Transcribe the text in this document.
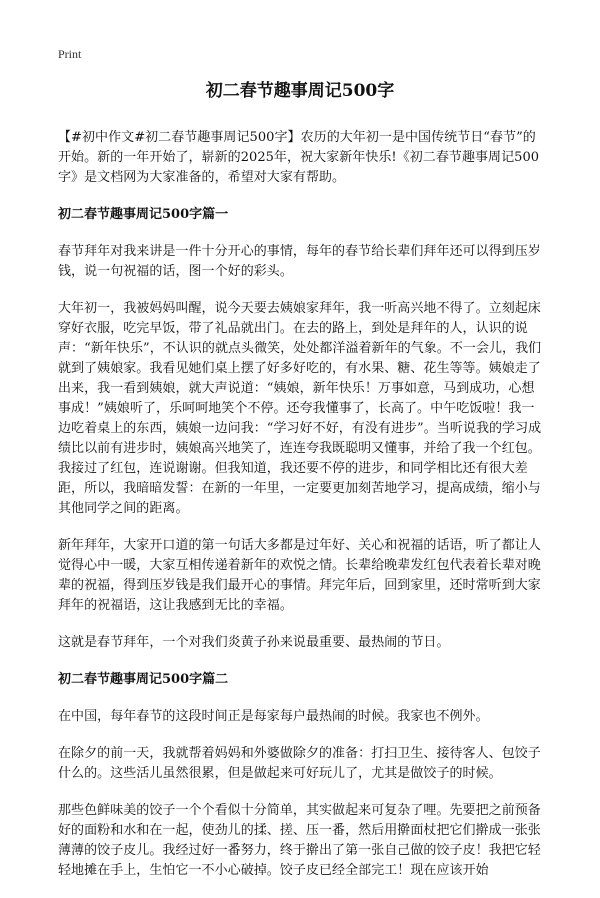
Print
初二春节趣事周记500字

【#初中作文#初二春节趣事周记500字】农历的大年初一是中国传统节日“春节”的开始。新的一年开始了，崭新的2025年，祝大家新年快乐!《初二春节趣事周记500字》是文档网为大家准备的，希望对大家有帮助。

初二春节趣事周记500字篇一

春节拜年对我来讲是一件十分开心的事情，每年的春节给长辈们拜年还可以得到压岁钱，说一句祝福的话，图一个好的彩头。

大年初一，我被妈妈叫醒，说今天要去姨娘家拜年，我一听高兴地不得了。立刻起床穿好衣服，吃完早饭，带了礼品就出门。在去的路上，到处是拜年的人，认识的说声：“新年快乐”，不认识的就点头微笑，处处都洋溢着新年的气象。不一会儿，我们就到了姨娘家。我看见她们桌上摆了好多好吃的，有水果、糖、花生等等。姨娘走了出来，我一看到姨娘，就大声说道：“姨娘，新年快乐！万事如意，马到成功，心想事成！”姨娘听了，乐呵呵地笑个不停。还夸我懂事了，长高了。中午吃饭啦！我一边吃着桌上的东西，姨娘一边问我：“学习好不好，有没有进步”。当听说我的学习成绩比以前有进步时，姨娘高兴地笑了，连连夸我既聪明又懂事，并给了我一个红包。我接过了红包，连说谢谢。但我知道，我还要不停的进步，和同学相比还有很大差距，所以，我暗暗发誓：在新的一年里，一定要更加刻苦地学习，提高成绩，缩小与其他同学之间的距离。

新年拜年，大家开口道的第一句话大多都是过年好、关心和祝福的话语，听了都让人觉得心中一暖，大家互相传递着新年的欢悦之情。长辈给晚辈发红包代表着长辈对晚辈的祝福，得到压岁钱是我们最开心的事情。拜完年后，回到家里，还时常听到大家拜年的祝福语，这让我感到无比的幸福。

这就是春节拜年，一个对我们炎黄子孙来说最重要、最热闹的节日。

初二春节趣事周记500字篇二

在中国，每年春节的这段时间正是每家每户最热闹的时候。我家也不例外。

在除夕的前一天，我就帮着妈妈和外婆做除夕的准备：打扫卫生、接待客人、包饺子什么的。这些活儿虽然很累，但是做起来可好玩儿了，尤其是做饺子的时候。

那些色鲜味美的饺子一个个看似十分简单，其实做起来可复杂了哩。先要把之前预备好的面粉和水和在一起，使劲儿的揉、搓、压一番，然后用擀面杖把它们擀成一张张薄薄的饺子皮儿。我经过好一番努力，终于擀出了第一张自己做的饺子皮！我把它轻轻地摊在手上，生怕它一不小心破掉。饺子皮已经全部完工！现在应该开始
